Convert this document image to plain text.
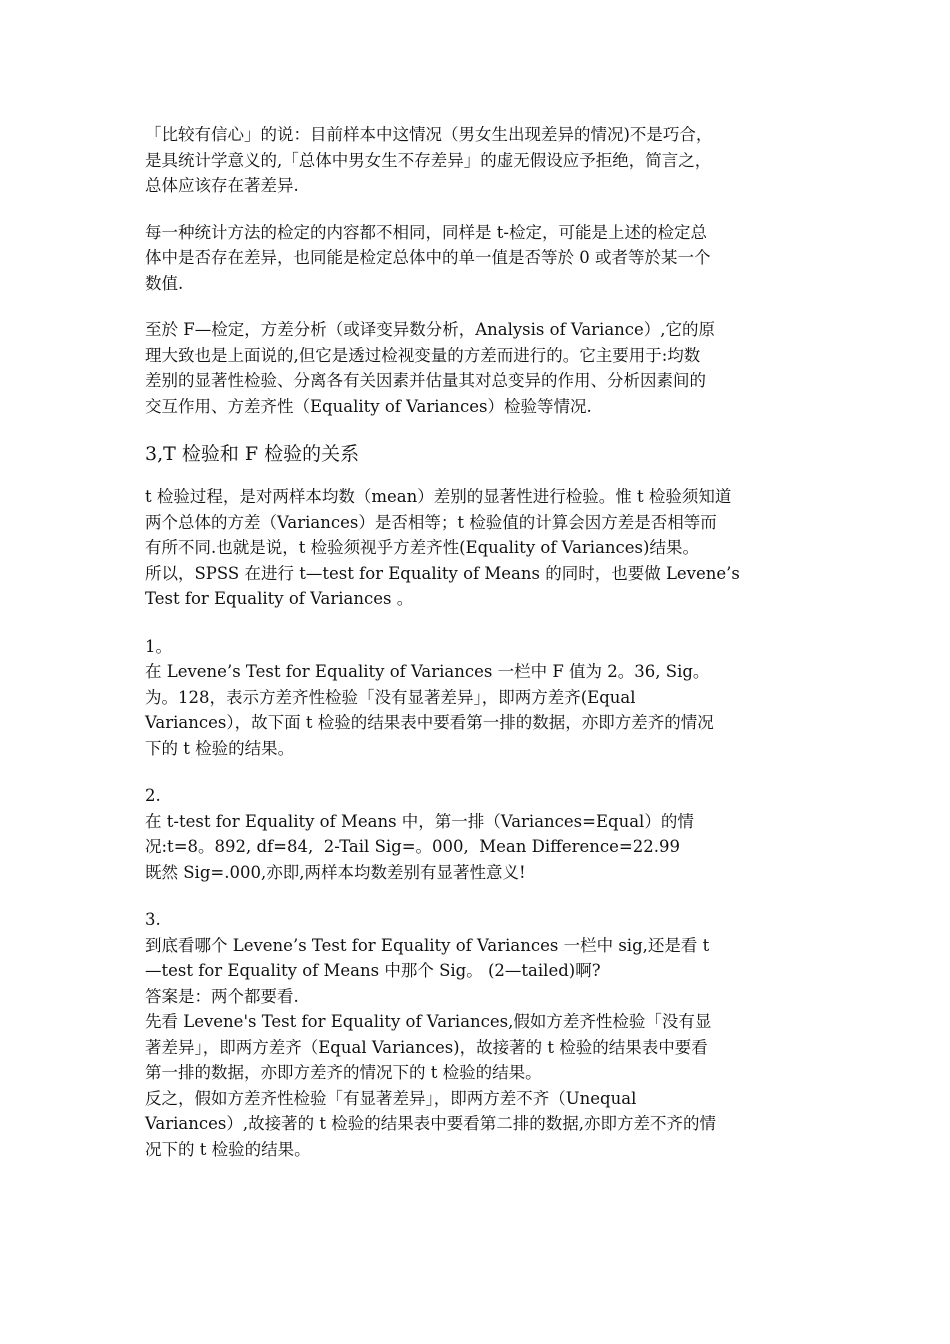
「比较有信心」的说：目前样本中这情况（男女生出现差异的情况)不是巧合，
是具统计学意义的,「总体中男女生不存差异」的虚无假设应予拒绝，简言之，
总体应该存在著差异.
每一种统计方法的检定的内容都不相同，同样是 t-检定，可能是上述的检定总
体中是否存在差异，也同能是检定总体中的单一值是否等於 0 或者等於某一个
数值.
至於 F—检定，方差分析（或译变异数分析，Analysis of Variance）,它的原
理大致也是上面说的,但它是透过检视变量的方差而进行的。它主要用于:均数
差别的显著性检验、分离各有关因素并估量其对总变异的作用、分析因素间的
交互作用、方差齐性（Equality of Variances）检验等情况.
3,T 检验和 F 检验的关系
t 检验过程，是对两样本均数（mean）差别的显著性进行检验。惟 t 检验须知道
两个总体的方差（Variances）是否相等；t 检验值的计算会因方差是否相等而
有所不同.也就是说，t 检验须视乎方差齐性(Equality of Variances)结果。
所以，SPSS 在进行 t—test for Equality of Means 的同时，也要做 Levene’s
Test for Equality of Variances 。
1。
在 Levene’s Test for Equality of Variances 一栏中 F 值为 2。36, Sig。
为。128，表示方差齐性检验「没有显著差异」，即两方差齐(Equal
Variances），故下面 t 检验的结果表中要看第一排的数据，亦即方差齐的情况
下的 t 检验的结果。
2.
在 t-test for Equality of Means 中，第一排（Variances=Equal）的情
况:t=8。892, df=84,  2-Tail Sig=。000,  Mean Difference=22.99
既然 Sig=.000,亦即,两样本均数差别有显著性意义!
3.
到底看哪个 Levene’s Test for Equality of Variances 一栏中 sig,还是看 t
—test for Equality of Means 中那个 Sig。 (2—tailed)啊?
答案是：两个都要看.
先看 Levene's Test for Equality of Variances,假如方差齐性检验「没有显
著差异」，即两方差齐（Equal Variances)，故接著的 t 检验的结果表中要看
第一排的数据，亦即方差齐的情况下的 t 检验的结果。
反之，假如方差齐性检验「有显著差异」，即两方差不齐（Unequal
Variances）,故接著的 t 检验的结果表中要看第二排的数据,亦即方差不齐的情
况下的 t 检验的结果。
